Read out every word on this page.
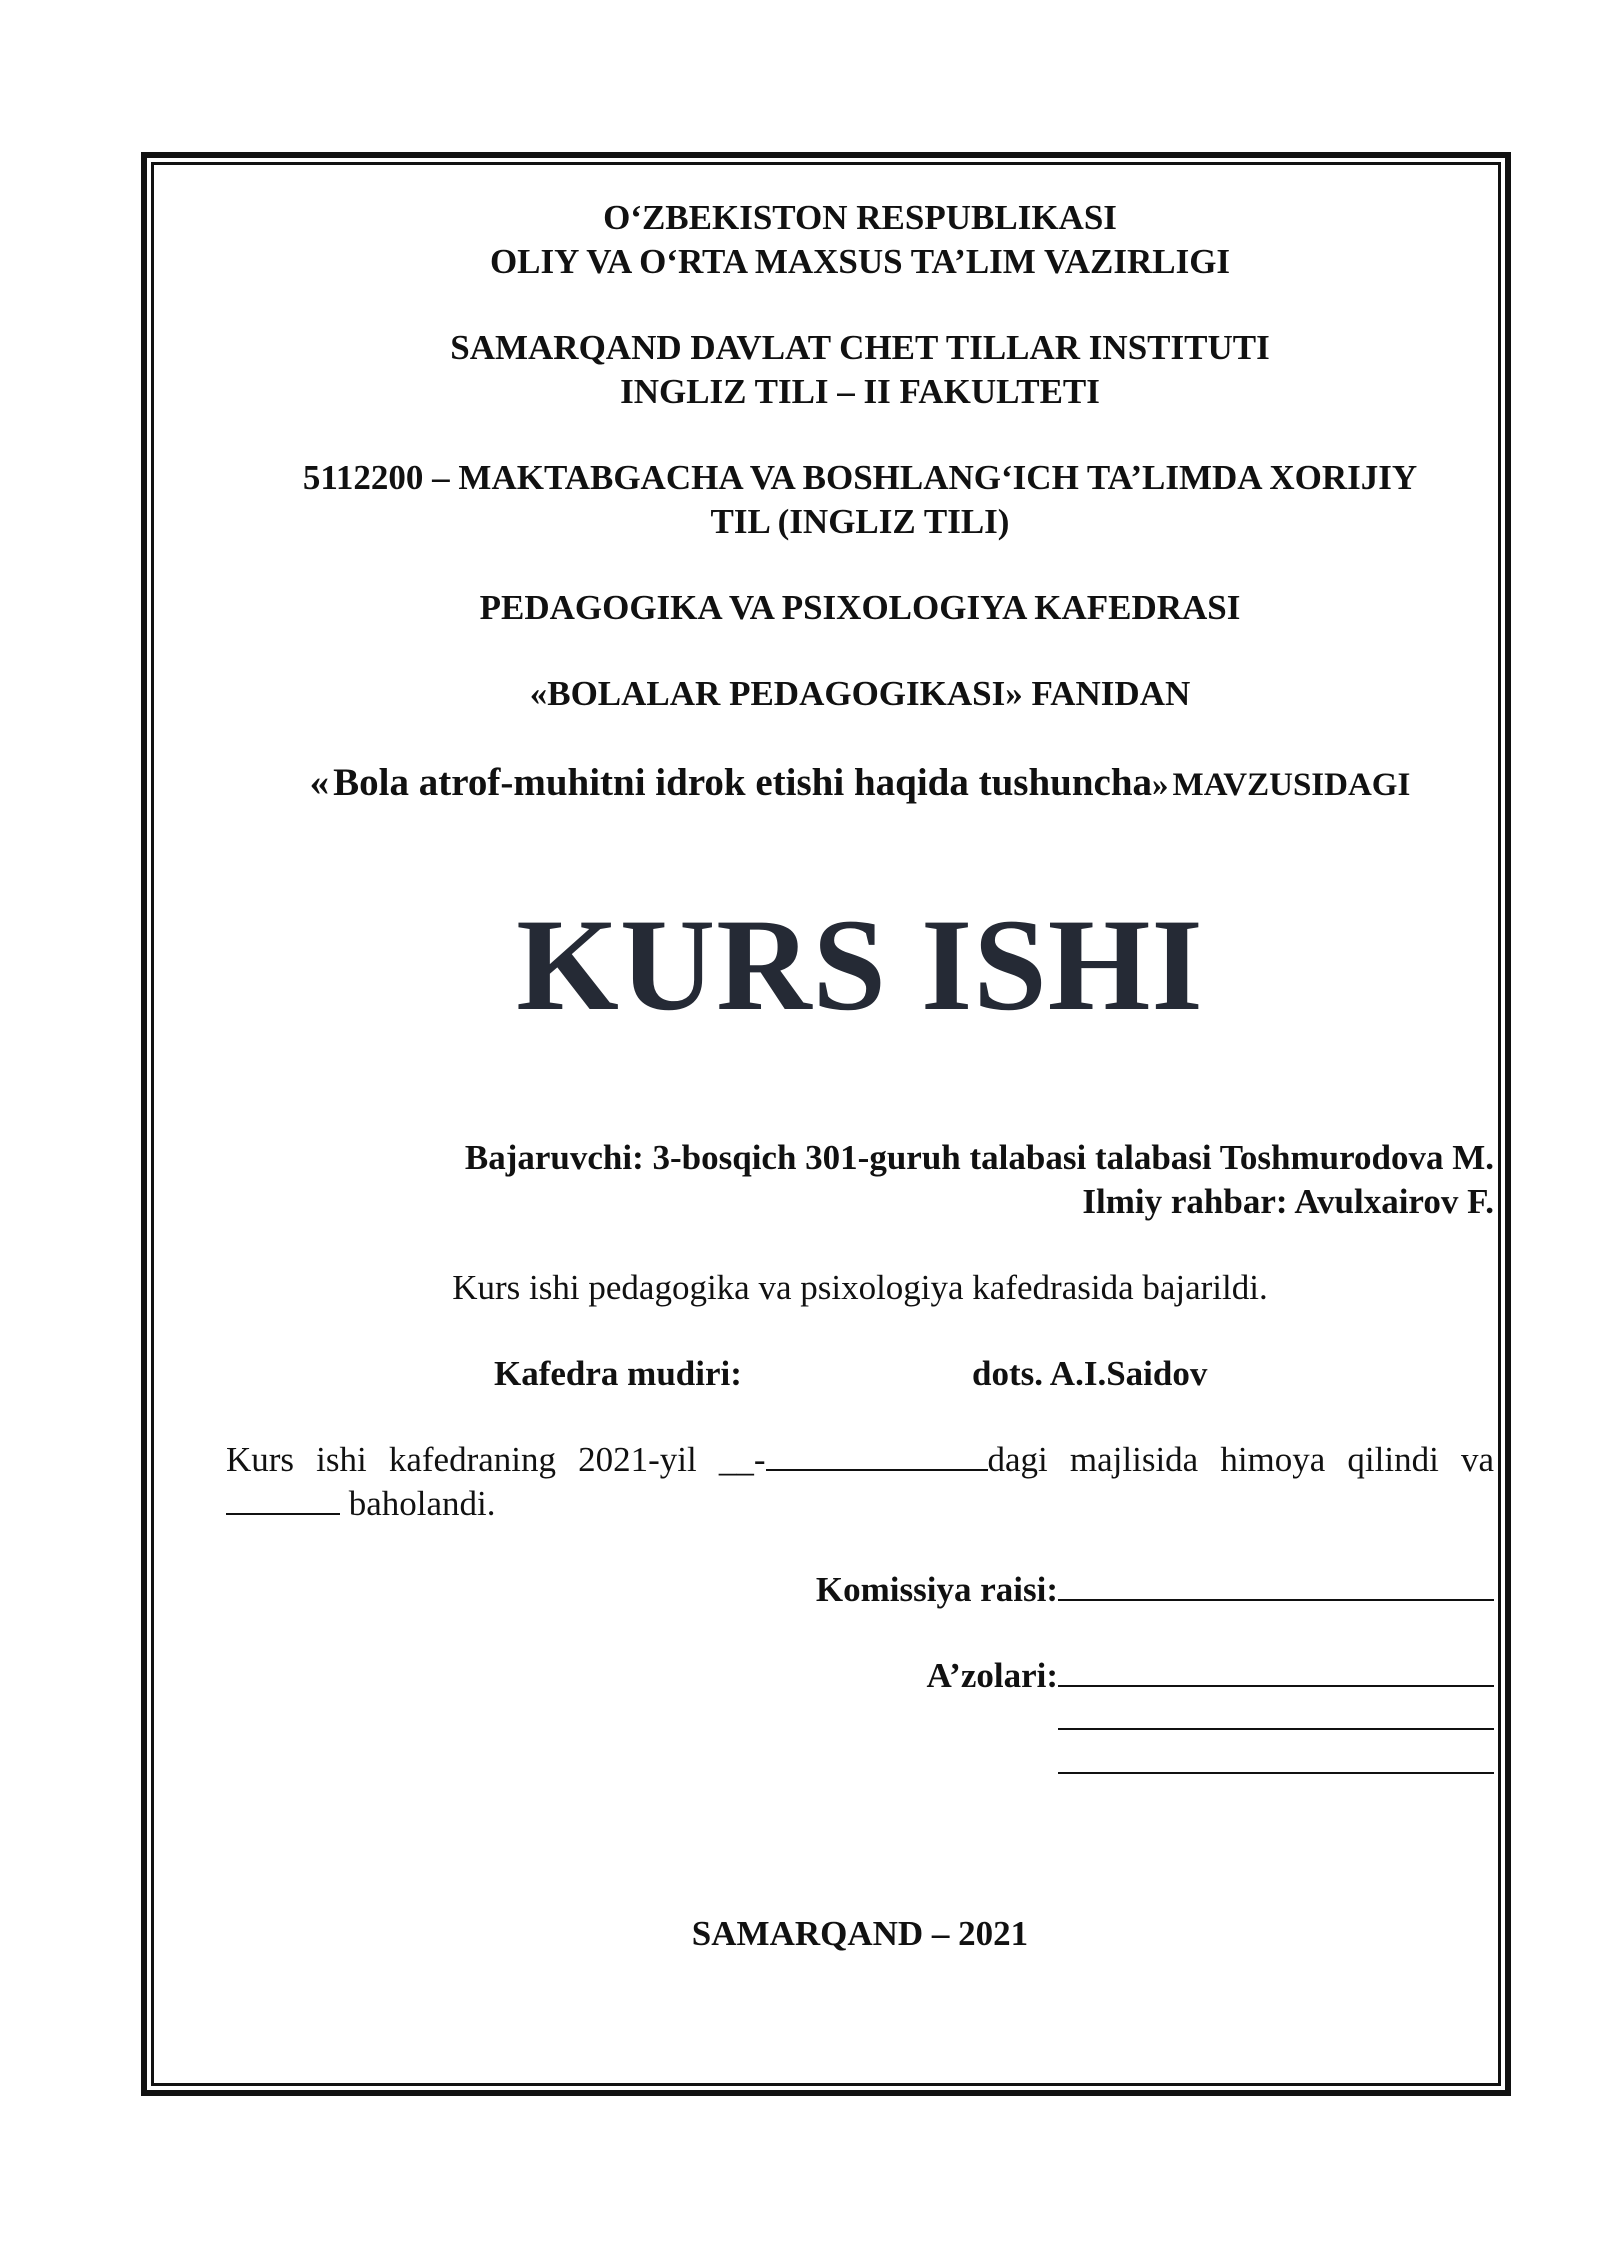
O‘ZBEKISTON RESPUBLIKASI
OLIY VA O‘RTA MAXSUS TA’LIM VAZIRLIGI
SAMARQAND DAVLAT CHET TILLAR INSTITUTI
INGLIZ TILI – II FAKULTETI
5112200 – MAKTABGACHA VA BOSHLANG‘ICH TA’LIMDA XORIJIY
TIL (INGLIZ TILI)
PEDAGOGIKA VA PSIXOLOGIYA KAFEDRASI
«BOLALAR PEDAGOGIKASI» FANIDAN
« Bola atrof-muhitni idrok etishi haqida tushuncha» MAVZUSIDAGI
KURS ISHI
Bajaruvchi: 3-bosqich 301-guruh talabasi talabasi Toshmurodova M.
Ilmiy rahbar: Avulxairov F.
Kurs ishi pedagogika va psixologiya kafedrasida bajarildi.
Kafedra mudiri:	dots. A.I.Saidov
Kurs ishi kafedraning 2021-yil __-	dagi majlisida himoya qilindi va  baholandi.
Komissiya raisi:
A’zolari:
SAMARQAND – 2021
